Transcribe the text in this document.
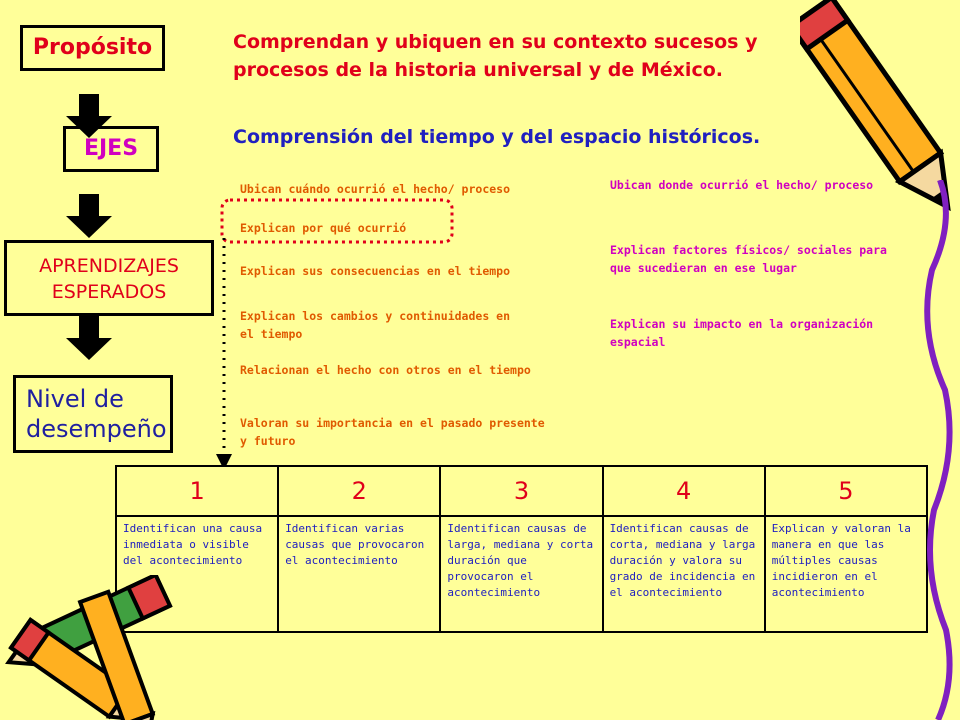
Propósito
EJES
APRENDIZAJES
ESPERADOS
Nivel de
desempeño
Comprendan y ubiquen en su contexto sucesos y
procesos de la historia universal y de México.
Comprensión del tiempo y del espacio históricos.
Ubican cuándo ocurrió el hecho/ proceso
Explican por qué ocurrió
Explican sus consecuencias en el tiempo
Explican los cambios y continuidades en
el tiempo
Relacionan el hecho con otros en el tiempo
Valoran su importancia en el pasado presente
y futuro
Ubican donde ocurrió el hecho/ proceso
Explican factores físicos/ sociales para
que sucedieran en ese lugar
Explican su impacto en la organización
espacial
1	2	3	4	5
Identifican una causa inmediata o visible del acontecimiento	Identifican varias causas que provocaron el acontecimiento	Identifican causas de larga, mediana y corta duración que provocaron el acontecimiento	Identifican causas de corta, mediana y larga duración y valora su grado de incidencia en el acontecimiento	Explican y valoran la manera en que las múltiples causas incidieron en el acontecimiento
